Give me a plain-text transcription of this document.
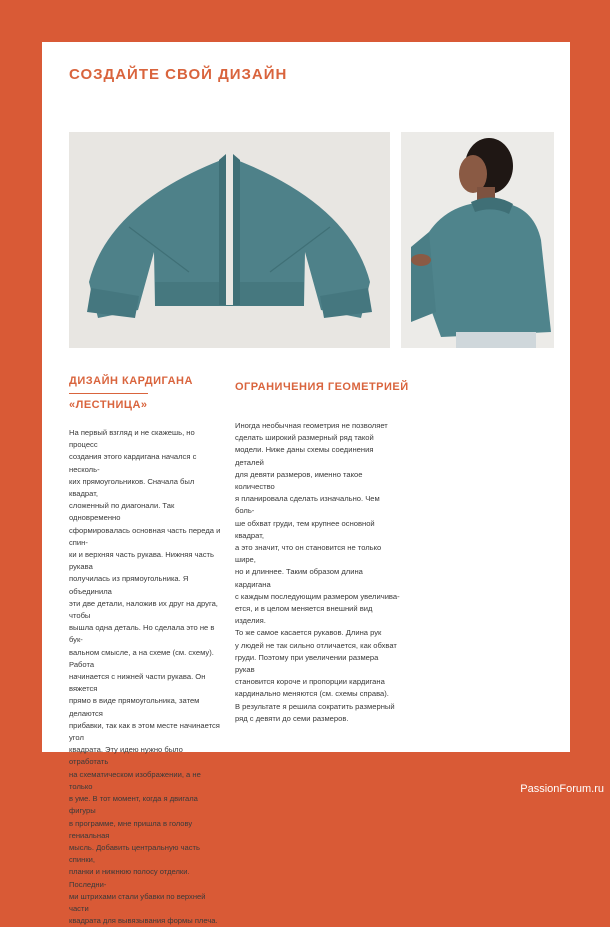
СОЗДАЙТЕ СВОЙ ДИЗАЙН
ДИЗАЙН КАРДИГАНА
«ЛЕСТНИЦА»

На первый взгляд и не скажешь, но процесс
создания этого кардигана начался с несколь-
ких прямоугольников. Сначала был квадрат,
сложенный по диагонали. Так одновременно
сформировалась основная часть переда и спин-
ки и верхняя часть рукава. Нижняя часть рукава
получилась из прямоугольника. Я объединила
эти две детали, наложив их друг на друга, чтобы
вышла одна деталь. Но сделала это не в бук-
вальном смысле, а на схеме (см. схему). Работа
начинается с нижней части рукава. Он вяжется
прямо в виде прямоугольника, затем делаются
прибавки, так как в этом месте начинается угол
квадрата. Эту идею нужно было отработать
на схематическом изображении, а не только
в уме. В тот момент, когда я двигала фигуры
в программе, мне пришла в голову гениальная
мысль. Добавить центральную часть спинки,
планки и нижнюю полосу отделки. Последни-
ми штрихами стали убавки по верхней части
квадрата для вывязывания формы плеча.

ОГРАНИЧЕНИЯ ГЕОМЕТРИЕЙ

Иногда необычная геометрия не позволяет
сделать широкий размерный ряд такой
модели. Ниже даны схемы соединения деталей
для девяти размеров, именно такое количество
я планировала сделать изначально. Чем боль-
ше обхват груди, тем крупнее основной квадрат,
а это значит, что он становится не только шире,
но и длиннее. Таким образом длина кардигана
с каждым последующим размером увеличива-
ется, и в целом меняется внешний вид изделия.
То же самое касается рукавов. Длина рук
у людей не так сильно отличается, как обхват
груди. Поэтому при увеличении размера рукав
становится короче и пропорции кардигана
кардинально меняются (см. схемы справа).
В результате я решила сократить размерный
ряд с девяти до семи размеров.

PassionForum.ru
